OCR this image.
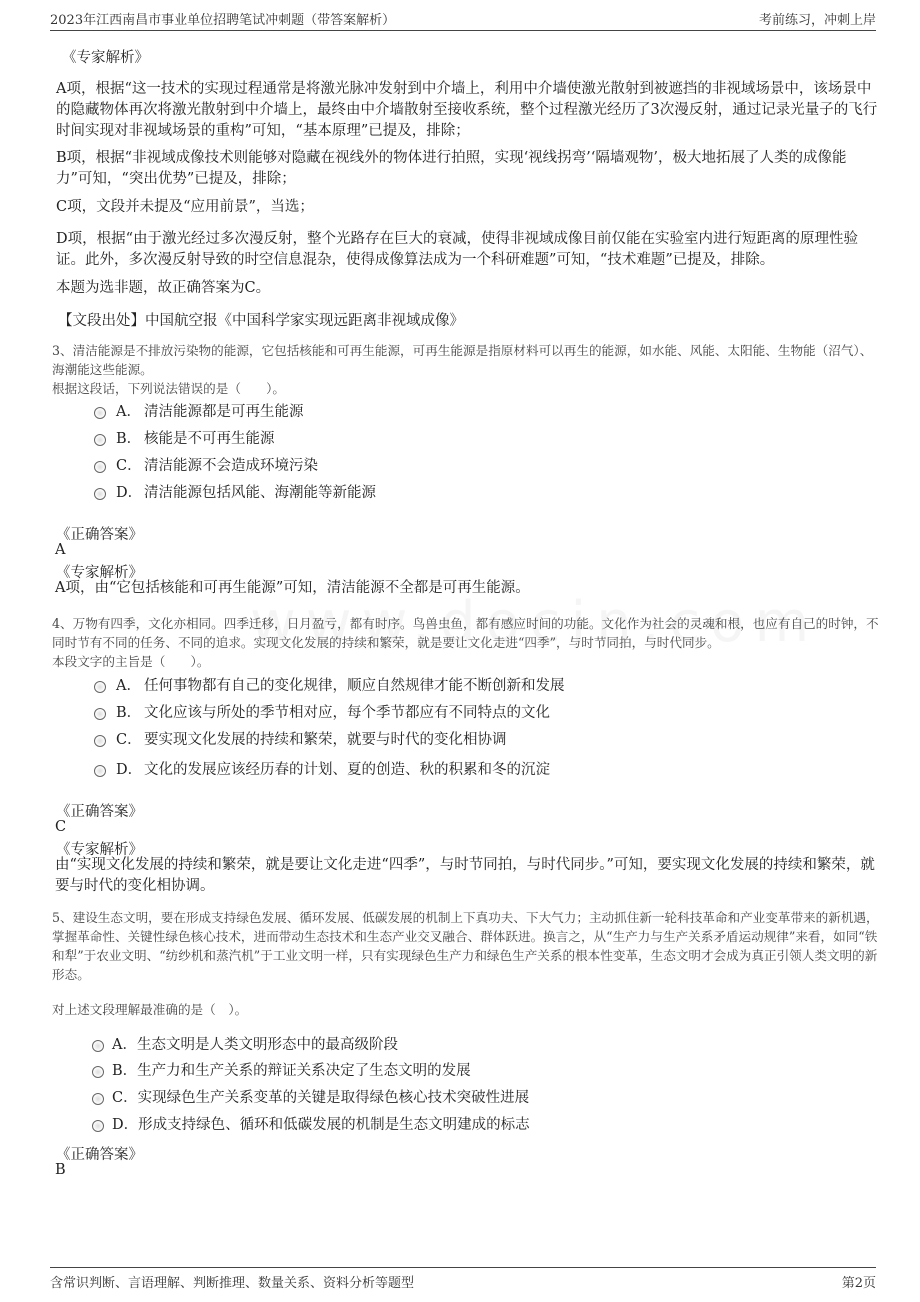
2023年江西南昌市事业单位招聘笔试冲刺题（带答案解析）	考前练习，冲刺上岸
《专家解析》
A项，根据“这一技术的实现过程通常是将激光脉冲发射到中介墙上，利用中介墙使激光散射到被遮挡的非视域场景中，该场景中的隐藏物体再次将激光散射到中介墙上，最终由中介墙散射至接收系统，整个过程激光经历了3次漫反射，通过记录光量子的飞行时间实现对非视域场景的重构”可知，“基本原理”已提及，排除；
B项，根据“非视域成像技术则能够对隐藏在视线外的物体进行拍照，实现‘视线拐弯’‘隔墙观物’，极大地拓展了人类的成像能力”可知，“突出优势”已提及，排除；
C项，文段并未提及“应用前景”，当选；
D项，根据“由于激光经过多次漫反射，整个光路存在巨大的衰减，使得非视域成像目前仅能在实验室内进行短距离的原理性验证。此外，多次漫反射导致的时空信息混杂，使得成像算法成为一个科研难题”可知，“技术难题”已提及，排除。
本题为选非题，故正确答案为C。
【文段出处】中国航空报《中国科学家实现远距离非视域成像》
3、清洁能源是不排放污染物的能源，它包括核能和可再生能源，可再生能源是指原材料可以再生的能源，如水能、风能、太阳能、生物能（沼气）、海潮能这些能源。
根据这段话，下列说法错误的是（　　）。
A． 清洁能源都是可再生能源
B． 核能是不可再生能源
C． 清洁能源不会造成环境污染
D． 清洁能源包括风能、海潮能等新能源
《正确答案》
A
《专家解析》
A项，由“它包括核能和可再生能源”可知，清洁能源不全都是可再生能源。
4、万物有四季，文化亦相同。四季迁移，日月盈亏，都有时序。鸟兽虫鱼，都有感应时间的功能。文化作为社会的灵魂和根，也应有自己的时钟，不同时节有不同的任务、不同的追求。实现文化发展的持续和繁荣，就是要让文化走进“四季”，与时节同拍，与时代同步。
本段文字的主旨是（　　）。
A． 任何事物都有自己的变化规律，顺应自然规律才能不断创新和发展
B． 文化应该与所处的季节相对应，每个季节都应有不同特点的文化
C． 要实现文化发展的持续和繁荣，就要与时代的变化相协调
D． 文化的发展应该经历春的计划、夏的创造、秋的积累和冬的沉淀
《正确答案》
C
《专家解析》
由“实现文化发展的持续和繁荣，就是要让文化走进“四季”，与时节同拍，与时代同步。”可知，要实现文化发展的持续和繁荣，就要与时代的变化相协调。
5、建设生态文明，要在形成支持绿色发展、循环发展、低碳发展的机制上下真功夫、下大气力；主动抓住新一轮科技革命和产业变革带来的新机遇，掌握革命性、关键性绿色核心技术，进而带动生态技术和生态产业交叉融合、群体跃进。换言之，从“生产力与生产关系矛盾运动规律”来看，如同“铁和犁”于农业文明、“纺纱机和蒸汽机”于工业文明一样，只有实现绿色生产力和绿色生产关系的根本性变革，生态文明才会成为真正引领人类文明的新形态。
对上述文段理解最准确的是（　）。
A．生态文明是人类文明形态中的最高级阶段
B．生产力和生产关系的辩证关系决定了生态文明的发展
C．实现绿色生产关系变革的关键是取得绿色核心技术突破性进展
D．形成支持绿色、循环和低碳发展的机制是生态文明建成的标志
《正确答案》
B
含常识判断、言语理解、判断推理、数量关系、资料分析等题型	第2页
